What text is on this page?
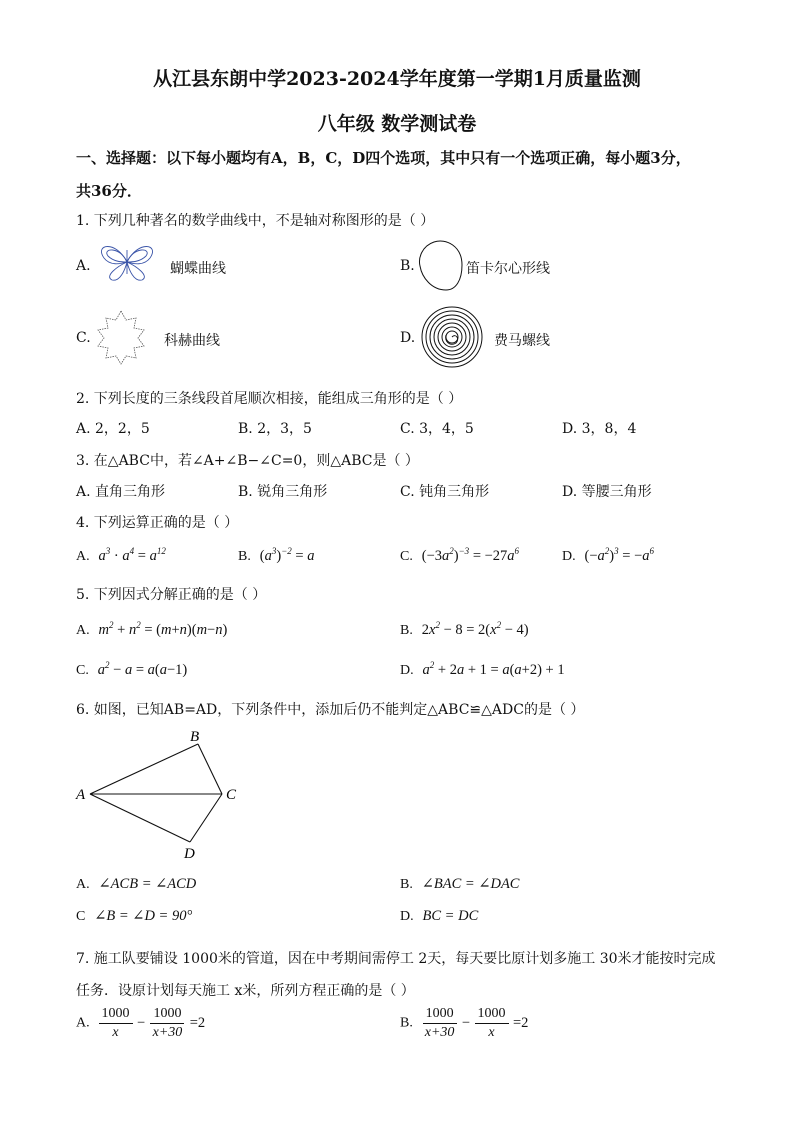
从江县东朗中学2023-2024学年度第一学期1月质量监测
八年级 数学测试卷
一、选择题：以下每小题均有A，B，C，D四个选项，其中只有一个选项正确，每小题3分，
共36分．
1. 下列几种著名的数学曲线中，不是轴对称图形的是（ ）
A.	蝴蝶曲线	B.	笛卡尔心形线
C.	科赫曲线	D.	费马螺线
2. 下列长度的三条线段首尾顺次相接，能组成三角形的是（ ）
A. 2，2，5	B. 2，3，5	C. 3，4，5	D. 3，8，4
3. 在△ABC中，若∠A+∠B−∠C=0，则△ABC是（ ）
A. 直角三角形	B. 锐角三角形	C. 钝角三角形	D. 等腰三角形
4. 下列运算正确的是（ ）
A. $a^3 \cdot a^4 = a^{12}$	B. $(a^3)^{-2} = a$	C. $(-3a^2)^{-3} = -27a^6$	D. $(-a^2)^3 = -a^6$
5. 下列因式分解正确的是（ ）
A. $m^2 + n^2 = (m+n)(m-n)$	B. $2x^2 - 8 = 2(x^2 - 4)$
C. $a^2 - a = a(a-1)$	D. $a^2 + 2a + 1 = a(a+2) + 1$
6. 如图，已知AB=AD，下列条件中，添加后仍不能判定△ABC≌△ADC的是（ ）
A
B
C
D
A. ∠ACB = ∠ACD	B. ∠BAC = ∠DAC
C ∠B = ∠D = 90°	D. BC = DC
7. 施工队要铺设 1000米的管道，因在中考期间需停工 2天，每天要比原计划多施工 30米才能按时完成
任务．设原计划每天施工 x米，所列方程正确的是（ ）
A. $\frac{1000}{x} - \frac{1000}{x+30} =2$	B. $\frac{1000}{x+30} - \frac{1000}{x} =2$
